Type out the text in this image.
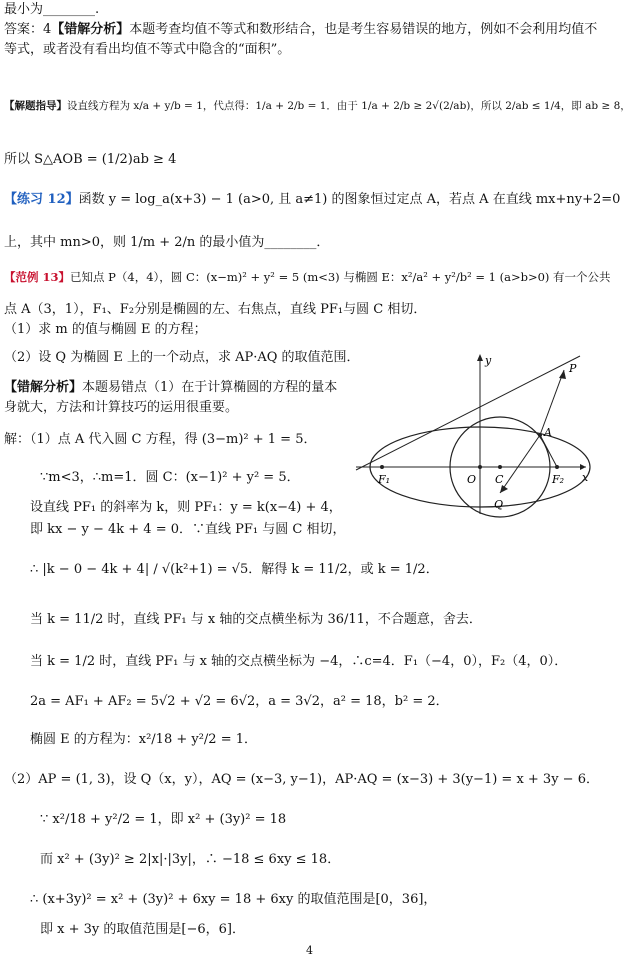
最小为________.
答案：4【错解分析】本题考查均值不等式和数形结合，也是考生容易错误的地方，例如不会利用均值不
等式，或者没有看出均值不等式中隐含的“面积”。
【解题指导】设直线方程为 x/a + y/b = 1，代点得：1/a + 2/b = 1．由于 1/a + 2/b ≥ 2√(2/ab)，所以 2/ab ≤ 1/4，即 ab ≥ 8，
所以 S△AOB = (1/2)ab ≥ 4
【练习 12】函数 y = log_a(x+3) − 1 (a>0, 且 a≠1) 的图象恒过定点 A，若点 A 在直线 mx+ny+2=0
上，其中 mn>0，则 1/m + 2/n 的最小值为________．
【范例 13】已知点 P（4，4），圆 C：(x−m)² + y² = 5 (m<3) 与椭圆 E：x²/a² + y²/b² = 1 (a>b>0) 有一个公共
点 A（3，1），F₁、F₂分别是椭圆的左、右焦点，直线 PF₁与圆 C 相切．
（1）求 m 的值与椭圆 E 的方程；
（2）设 Q 为椭圆 E 上的一个动点，求 AP·AQ 的取值范围．
【错解分析】本题易错点（1）在于计算椭圆的方程的量本
身就大，方法和计算技巧的运用很重要。
解：（1）点 A 代入圆 C 方程，得 (3−m)² + 1 = 5．
∵m<3，∴m=1．圆 C：(x−1)² + y² = 5．
设直线 PF₁ 的斜率为 k，则 PF₁：y = k(x−4) + 4，
即 kx − y − 4k + 4 = 0．∵直线 PF₁ 与圆 C 相切，
∴ |k − 0 − 4k + 4| / √(k²+1) = √5．解得 k = 11/2，或 k = 1/2．
当 k = 11/2 时，直线 PF₁ 与 x 轴的交点横坐标为 36/11，不合题意，舍去．
当 k = 1/2 时，直线 PF₁ 与 x 轴的交点横坐标为 −4，∴c=4．F₁（−4，0），F₂（4，0）．
2a = AF₁ + AF₂ = 5√2 + √2 = 6√2，a = 3√2，a² = 18，b² = 2．
椭圆 E 的方程为：x²/18 + y²/2 = 1．
（2）AP = (1, 3)，设 Q（x，y），AQ = (x−3, y−1)，AP·AQ = (x−3) + 3(y−1) = x + 3y − 6．
∵ x²/18 + y²/2 = 1，即 x² + (3y)² = 18
而 x² + (3y)² ≥ 2|x|·|3y|，∴ −18 ≤ 6xy ≤ 18．
∴ (x+3y)² = x² + (3y)² + 6xy = 18 + 6xy 的取值范围是[0，36]，
即 x + 3y 的取值范围是[−6，6]．
x
y
P
A
F₁	O C	F₂
Q
4
